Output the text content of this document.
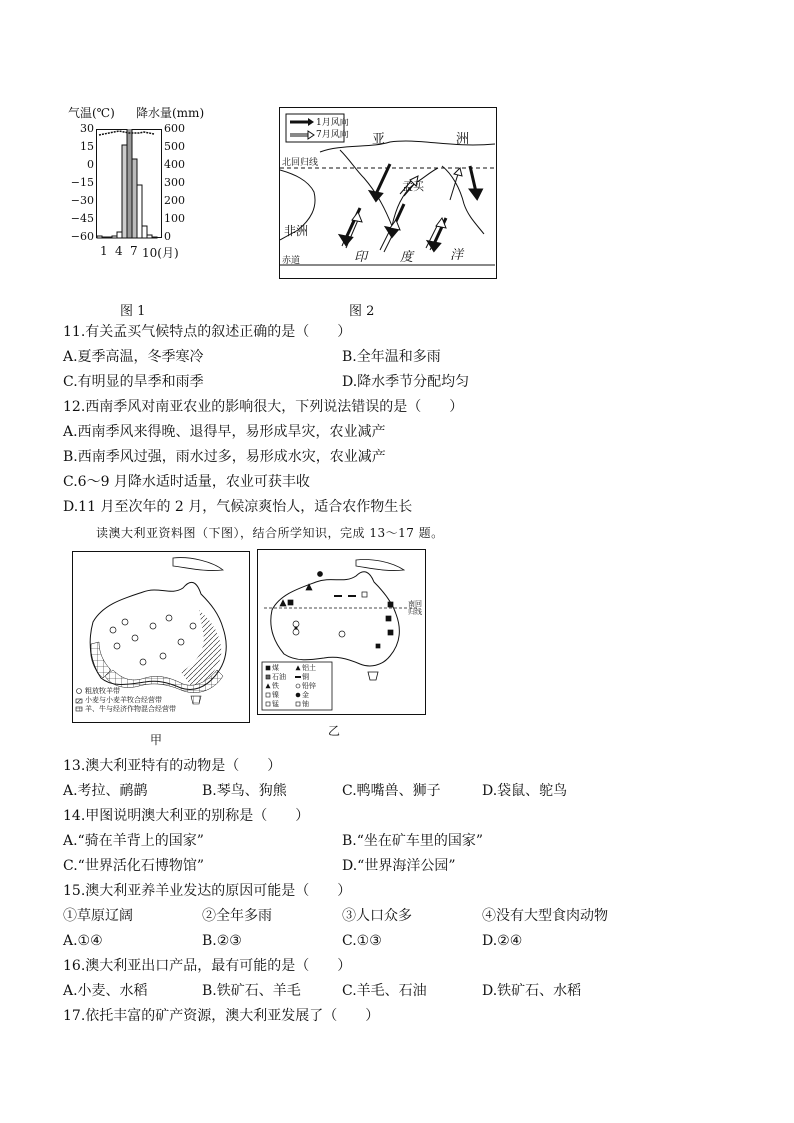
气温(℃) 降水量(mm)
30
15
0
−15
−30
−45
−60
600
500
400
300
200
100
0
1 4 7 10(月)
图 1
1月风向
7月风向 亚	洲
北回归线
孟买
非洲
赤道	印	度	洋
图 2
11.有关孟买气候特点的叙述正确的是（　　）
A.夏季高温，冬季寒冷	B.全年温和多雨
C.有明显的旱季和雨季	D.降水季节分配均匀
12.西南季风对南亚农业的影响很大，下列说法错误的是（　　）
A.西南季风来得晚、退得早，易形成旱灾，农业减产
B.西南季风过强，雨水过多，易形成水灾，农业减产
C.6～9 月降水适时适量，农业可获丰收
D.11 月至次年的 2 月，气候凉爽怡人，适合农作物生长
读澳大利亚资料图（下图），结合所学知识，完成 13～17 题。
粗放牧羊带
小麦与小麦羊牧合经营带
羊、牛与经济作物混合经营带
甲
南回归线
煤	铝土
石油 铜
铁	铅锌
镍	金
锰	铀
乙
13.澳大利亚特有的动物是（　　）
A.考拉、鸸鹋	B.琴鸟、狗熊	C.鸭嘴兽、狮子	D.袋鼠、鸵鸟
14.甲图说明澳大利亚的别称是（　　）
A.“骑在羊背上的国家”	B.“坐在矿车里的国家”
C.“世界活化石博物馆”	D.“世界海洋公园”
15.澳大利亚养羊业发达的原因可能是（　　）
①草原辽阔	②全年多雨	③人口众多	④没有大型食肉动物
A.①④	B.②③	C.①③	D.②④
16.澳大利亚出口产品，最有可能的是（　　）
A.小麦、水稻	B.铁矿石、羊毛	C.羊毛、石油	D.铁矿石、水稻
17.依托丰富的矿产资源，澳大利亚发展了（　　）
